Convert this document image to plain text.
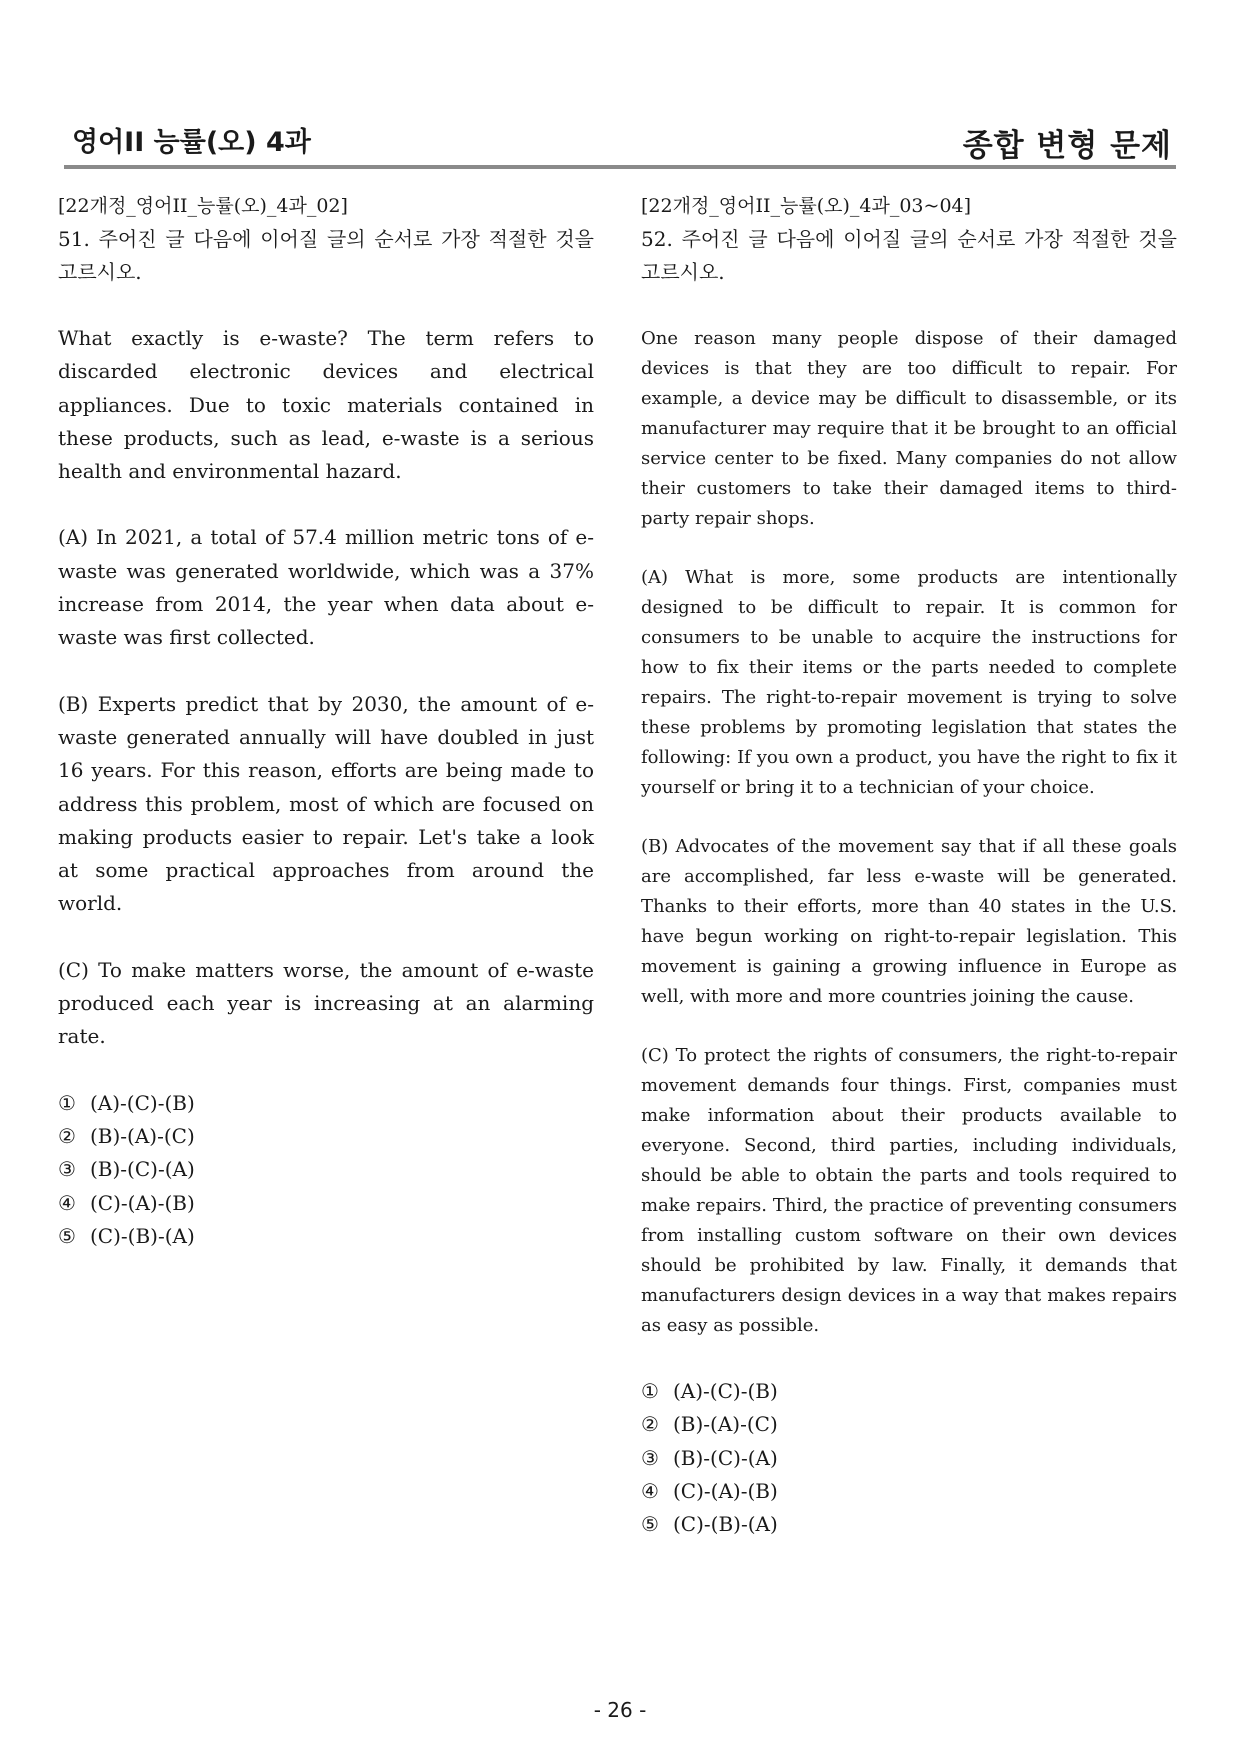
영어II 능률(오) 4과	종합 변형 문제
[22개정_영어II_능률(오)_4과_02]
51. 주어진 글 다음에 이어질 글의 순서로 가장 적절한 것을 고르시오.

What exactly is e-waste? The term refers to discarded electronic devices and electrical appliances. Due to toxic materials contained in these products, such as lead, e-waste is a serious health and environmental hazard.

(A) In 2021, a total of 57.4 million metric tons of e-waste was generated worldwide, which was a 37% increase from 2014, the year when data about e-waste was first collected.

(B) Experts predict that by 2030, the amount of e-waste generated annually will have doubled in just 16 years. For this reason, efforts are being made to address this problem, most of which are focused on making products easier to repair. Let's take a look at some practical approaches from around the world.

(C) To make matters worse, the amount of e-waste produced each year is increasing at an alarming rate.

① (A)-(C)-(B)
② (B)-(A)-(C)
③ (B)-(C)-(A)
④ (C)-(A)-(B)
⑤ (C)-(B)-(A)
[22개정_영어II_능률(오)_4과_03~04]
52. 주어진 글 다음에 이어질 글의 순서로 가장 적절한 것을 고르시오.

One reason many people dispose of their damaged devices is that they are too difficult to repair. For example, a device may be difficult to disassemble, or its manufacturer may require that it be brought to an official service center to be fixed. Many companies do not allow their customers to take their damaged items to third-party repair shops.

(A) What is more, some products are intentionally designed to be difficult to repair. It is common for consumers to be unable to acquire the instructions for how to fix their items or the parts needed to complete repairs. The right-to-repair movement is trying to solve these problems by promoting legislation that states the following: If you own a product, you have the right to fix it yourself or bring it to a technician of your choice.

(B) Advocates of the movement say that if all these goals are accomplished, far less e-waste will be generated. Thanks to their efforts, more than 40 states in the U.S. have begun working on right-to-repair legislation. This movement is gaining a growing influence in Europe as well, with more and more countries joining the cause.

(C) To protect the rights of consumers, the right-to-repair movement demands four things. First, companies must make information about their products available to everyone. Second, third parties, including individuals, should be able to obtain the parts and tools required to make repairs. Third, the practice of preventing consumers from installing custom software on their own devices should be prohibited by law. Finally, it demands that manufacturers design devices in a way that makes repairs as easy as possible.

① (A)-(C)-(B)
② (B)-(A)-(C)
③ (B)-(C)-(A)
④ (C)-(A)-(B)
⑤ (C)-(B)-(A)
- 26 -
